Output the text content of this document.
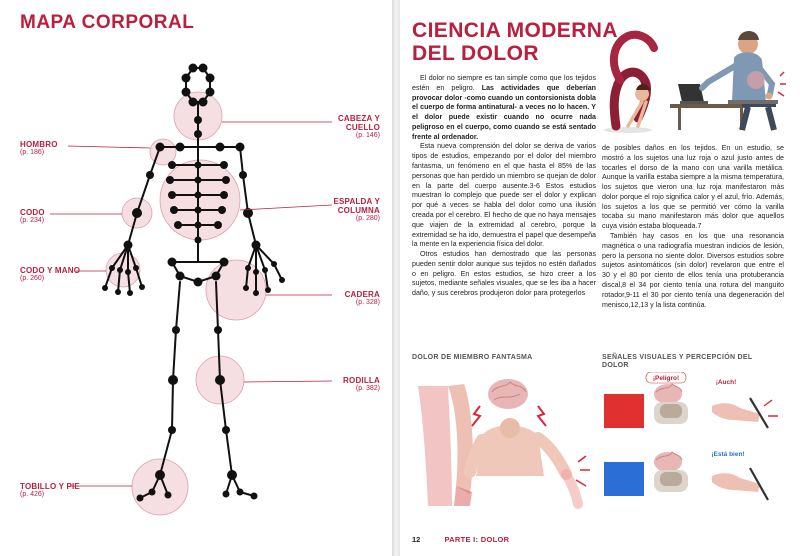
MAPA CORPORAL
HOMBRO
(p. 186)
CABEZA Y
CUELLO
(p. 146)
CODO
(p. 234)
ESPALDA Y
COLUMNA
(p. 280)
CODO Y MANO
(p. 260)
CADERA
(p. 328)
RODILLA
(p. 382)
TOBILLO Y PIE
(p. 426)
CIENCIA MODERNA
DEL DOLOR

El dolor no siempre es tan simple como que los tejidos estén en peligro. Las actividades que deberían provocar dolor -como cuando un contorsionista dobla el cuerpo de forma antinatural- a veces no lo hacen. Y el dolor puede existir cuando no ocurre nada peligroso en el cuerpo, como cuando se está sentado frente al ordenador.

Esta nueva comprensión del dolor se deriva de varios tipos de estudios, empezando por el dolor del miembro fantasma, un fenómeno en el que hasta el 85% de las personas que han perdido un miembro se quejan de dolor en la parte del cuerpo ausente.3-6 Estos estudios muestran lo complejo que puede ser el dolor y explican por qué a veces se habla del dolor como una ilusión creada por el cerebro. El hecho de que no haya mensajes que viajen de la extremidad al cerebro, porque la extremidad se ha ido, demuestra el papel que desempeña la mente en la experiencia física del dolor.

Otros estudios han demostrado que las personas pueden sentir dolor aunque sus tejidos no estén dañados o en peligro. En estos estudios, se hizo creer a los sujetos, mediante señales visuales, que se les iba a hacer daño, y sus cerebros produjeron dolor para protegerlos

de posibles daños en los tejidos. En un estudio, se mostró a los sujetos una luz roja o azul justo antes de tocarles el dorso de la mano con una varilla metálica. Aunque la varilla estaba siempre a la misma temperatura, los sujetos que vieron una luz roja manifestaron más dolor porque el rojo significa calor y el azul, frío. Además, los sujetos a los que se permitió ver cómo la varilla tocaba su mano manifestaron más dolor que aquellos cuya visión estaba bloqueada.7

También hay casos en los que una resonancia magnética o una radiografía muestran indicios de lesión, pero la persona no siente dolor. Diversos estudios sobre sujetos asintomáticos (sin dolor) revelaron que entre el 30 y el 80 por ciento de ellos tenía una protuberancia discal,8 el 34 por ciento tenía una rotura del manguito rotador,9-11 el 30 por ciento tenía una degeneración del menisco,12,13 y la lista continúa.

DOLOR DE MIEMBRO FANTASMA	SEÑALES VISUALES Y PERCEPCIÓN DEL
DOLOR
¡Peligro!
¡Auch!
¡Está bien!
12	PARTE I: DOLOR
